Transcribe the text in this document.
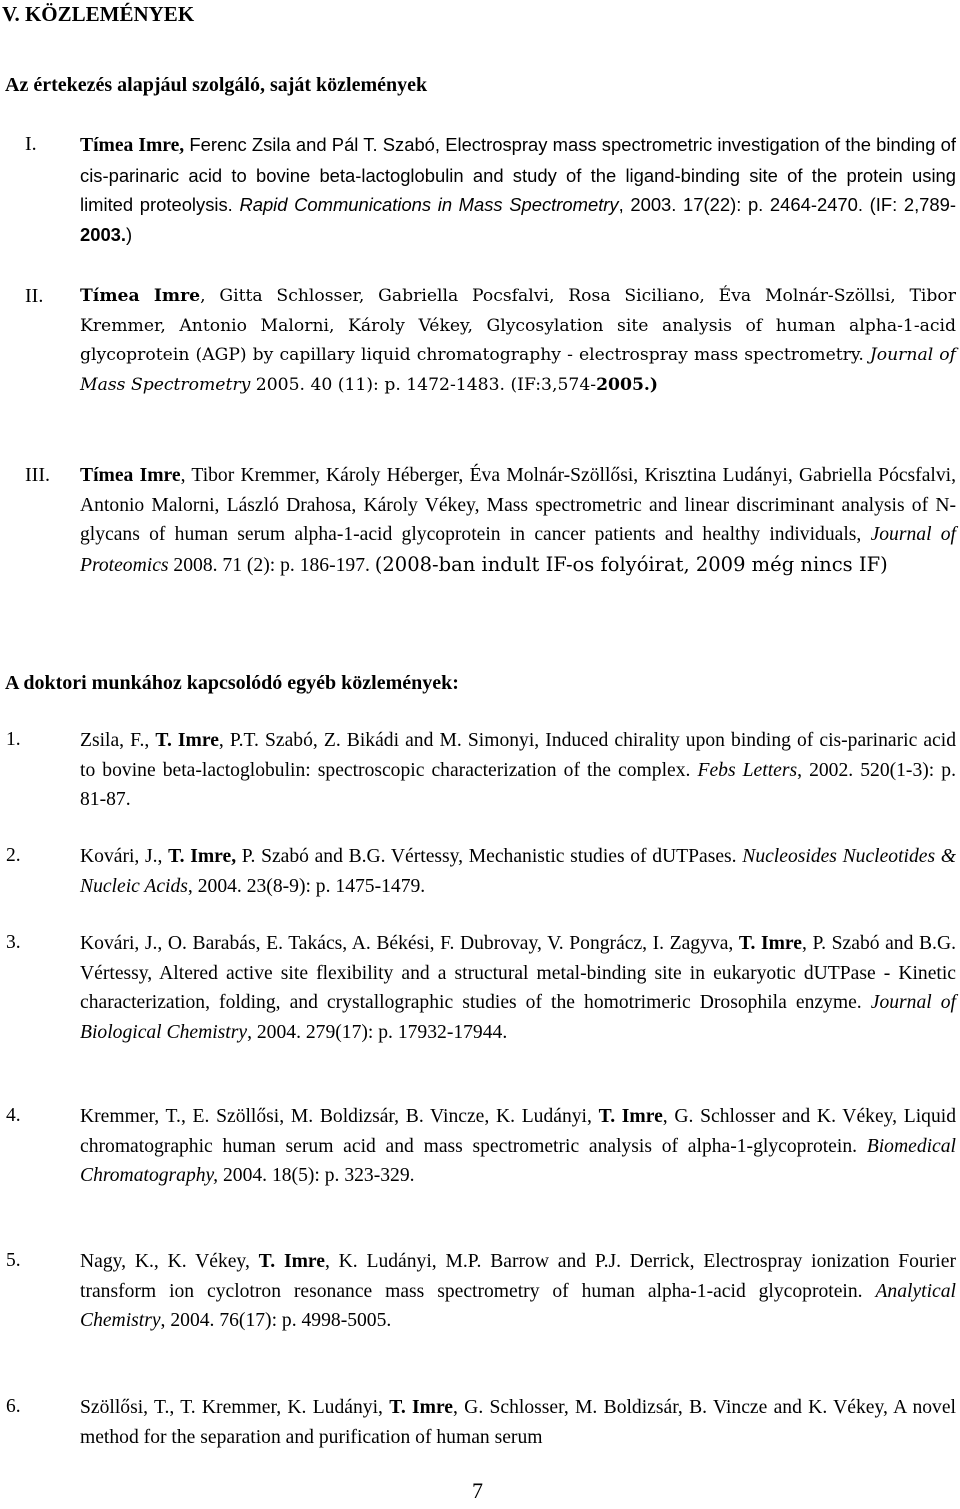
V. KÖZLEMÉNYEK
Az értekezés alapjául szolgáló, saját közlemények
I.	Tímea Imre, Ferenc Zsila and Pál T. Szabó, Electrospray mass spectrometric investigation of the binding of cis-parinaric acid to bovine beta-lactoglobulin and study of the ligand-binding site of the protein using limited proteolysis. Rapid Communications in Mass Spectrometry, 2003. 17(22): p. 2464-2470. (IF: 2,789-2003.)
II.	Tímea Imre, Gitta Schlosser, Gabriella Pocsfalvi, Rosa Siciliano, Éva Molnár-Szöllsi, Tibor Kremmer, Antonio Malorni, Károly Vékey, Glycosylation site analysis of human alpha-1-acid glycoprotein (AGP) by capillary liquid chromatography - electrospray mass spectrometry. Journal of Mass Spectrometry 2005. 40 (11): p. 1472-1483. (IF:3,574-2005.)
III.	Tímea Imre, Tibor Kremmer, Károly Héberger, Éva Molnár-Szöllősi, Krisztina Ludányi, Gabriella Pócsfalvi, Antonio Malorni, László Drahosa, Károly Vékey, Mass spectrometric and linear discriminant analysis of N-glycans of human serum alpha-1-acid glycoprotein in cancer patients and healthy individuals, Journal of Proteomics 2008. 71 (2): p. 186-197. (2008-ban indult IF-os folyóirat, 2009 még nincs IF)
A doktori munkához kapcsolódó egyéb közlemények:
1.	Zsila, F., T. Imre, P.T. Szabó, Z. Bikádi and M. Simonyi, Induced chirality upon binding of cis-parinaric acid to bovine beta-lactoglobulin: spectroscopic characterization of the complex. Febs Letters, 2002. 520(1-3): p. 81-87.
2.	Kovári, J., T. Imre, P. Szabó and B.G. Vértessy, Mechanistic studies of dUTPases. Nucleosides Nucleotides & Nucleic Acids, 2004. 23(8-9): p. 1475-1479.
3.	Kovári, J., O. Barabás, E. Takács, A. Békési, F. Dubrovay, V. Pongrácz, I. Zagyva, T. Imre, P. Szabó and B.G. Vértessy, Altered active site flexibility and a structural metal-binding site in eukaryotic dUTPase - Kinetic characterization, folding, and crystallographic studies of the homotrimeric Drosophila enzyme. Journal of Biological Chemistry, 2004. 279(17): p. 17932-17944.
4.	Kremmer, T., E. Szöllősi, M. Boldizsár, B. Vincze, K. Ludányi, T. Imre, G. Schlosser and K. Vékey, Liquid chromatographic human serum acid and mass spectrometric analysis of alpha-1-glycoprotein. Biomedical Chromatography, 2004. 18(5): p. 323-329.
5.	Nagy, K., K. Vékey, T. Imre, K. Ludányi, M.P. Barrow and P.J. Derrick, Electrospray ionization Fourier transform ion cyclotron resonance mass spectrometry of human alpha-1-acid glycoprotein. Analytical Chemistry, 2004. 76(17): p. 4998-5005.
6.	Szöllősi, T., T. Kremmer, K. Ludányi, T. Imre, G. Schlosser, M. Boldizsár, B. Vincze and K. Vékey, A novel method for the separation and purification of human serum
7
